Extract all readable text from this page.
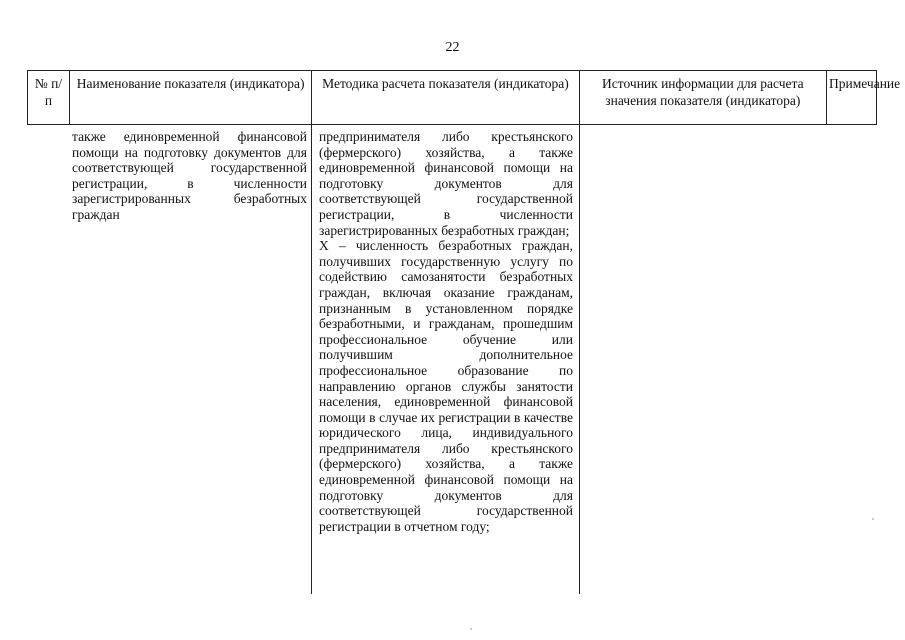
22
№ п/п
Наименование показателя (индикатора)	Методика расчета показателя (индикатора)	Источник информации для расчета значения показателя (индикатора)
Примечание

также единовременной финансовой помощи на подготовку документов для соответствующей государственной регистрации, в численности зарегистрированных безработных граждан

предпринимателя либо крестьянского (фермерского) хозяйства, а также единовременной финансовой помощи на подготовку документов для соответствующей государственной регистрации, в численности зарегистрированных безработных граждан;

X – численность безработных граждан, получивших государственную услугу по содействию самозанятости безработных граждан, включая оказание гражданам, признанным в установленном порядке безработными, и гражданам, прошедшим профессиональное обучение или получившим дополнительное профессиональное образование по направлению органов службы занятости населения, единовременной финансовой помощи в случае их регистрации в качестве юридического лица, индивидуального предпринимателя либо крестьянского (фермерского) хозяйства, а также единовременной финансовой помощи на подготовку документов для соответствующей государственной регистрации в отчетном году;
